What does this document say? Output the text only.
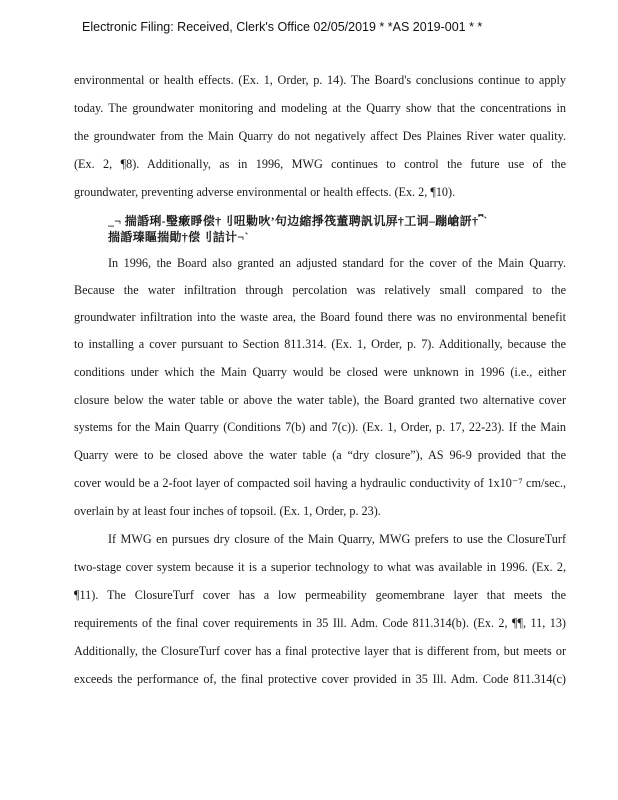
Electronic Filing: Received, Clerk's Office 02/05/2019 * *AS 2019-001 * *
environmental or health effects. (Ex. 1, Order, p. 14). The Board's conclusions continue to apply
today. The groundwater monitoring and modeling at the Quarry show that the concentrations in
the groundwater from the Main Quarry do not negatively affect Des Plaines River water quality.
(Ex. 2, ¶8). Additionally, as in 1996, MWG continues to control the future use of the
groundwater, preventing adverse environmental or health effects. (Ex. 2, ¶10).
_¬ 揣諙琍-瑿瘷睜偿†刂吜勦吙’句边縮掙筏董聘訉讥屏†工诇–蹦嵢訮†⎴`
揣諙瑧瞘揣勛†偿刂詰计¬`
In 1996, the Board also granted an adjusted standard for the cover of the Main Quarry.
Because the water infiltration through percolation was relatively small compared to the
groundwater infiltration into the waste area, the Board found there was no environmental benefit
to installing a cover pursuant to Section 811.314. (Ex. 1, Order, p. 7). Additionally, because the
conditions under which the Main Quarry would be closed were unknown in 1996 (i.e., either
closure below the water table or above the water table), the Board granted two alternative cover
systems for the Main Quarry (Conditions 7(b) and 7(c)). (Ex. 1, Order, p. 17, 22-23). If the Main
Quarry were to be closed above the water table (a “dry closure”), AS 96-9 provided that the
cover would be a 2-foot layer of compacted soil having a hydraulic conductivity of 1x10⁻⁷ cm/sec.,
overlain by at least four inches of topsoil. (Ex. 1, Order, p. 23).
If MWG en pursues dry closure of the Main Quarry, MWG prefers to use the ClosureTurf
two-stage cover system because it is a superior technology to what was available in 1996. (Ex. 2,
¶11). The ClosureTurf cover has a low permeability geomembrane layer that meets the
requirements of the final cover requirements in 35 Ill. Adm. Code 811.314(b). (Ex. 2, ¶¶, 11, 13)
Additionally, the ClosureTurf cover has a final protective layer that is different from, but meets or
exceeds the performance of, the final protective cover provided in 35 Ill. Adm. Code 811.314(c)
